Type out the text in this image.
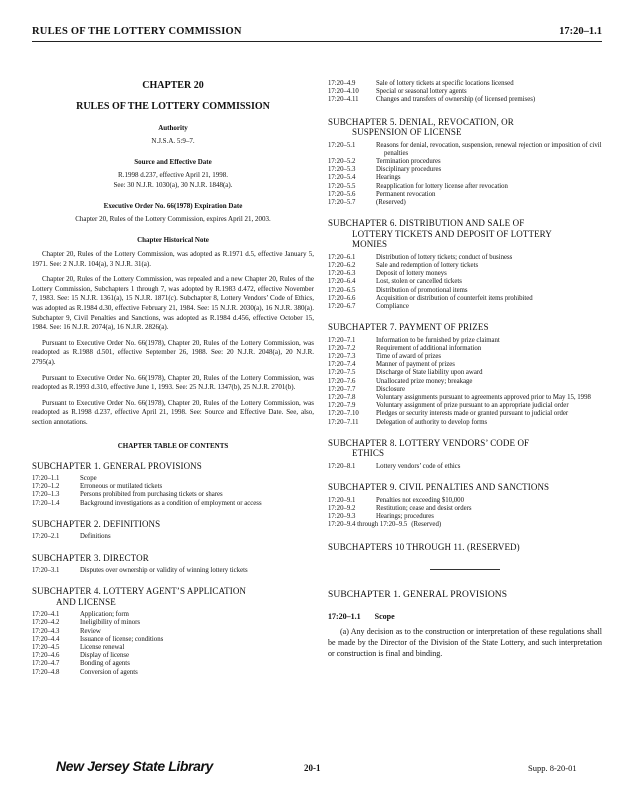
RULES OF THE LOTTERY COMMISSION	17:20–1.1
CHAPTER 20
RULES OF THE LOTTERY COMMISSION
Authority
N.J.S.A. 5:9–7.
Source and Effective Date
R.1998 d.237, effective April 21, 1998.
See: 30 N.J.R. 1030(a), 30 N.J.R. 1848(a).
Executive Order No. 66(1978) Expiration Date
Chapter 20, Rules of the Lottery Commission, expires April 21, 2003.
Chapter Historical Note

Chapter 20, Rules of the Lottery Commission, was adopted as R.1971 d.5, effective January 5, 1971. See: 2 N.J.R. 104(a), 3 N.J.R. 31(a).

Chapter 20, Rules of the Lottery Commission, was repealed and a new Chapter 20, Rules of the Lottery Commission, Subchapters 1 through 7, was adopted by R.1983 d.472, effective November 7, 1983. See: 15 N.J.R. 1361(a), 15 N.J.R. 1871(c). Subchapter 8, Lottery Vendors’ Code of Ethics, was adopted as R.1984 d.30, effective February 21, 1984. See: 15 N.J.R. 2030(a), 16 N.J.R. 380(a). Subchapter 9, Civil Penalties and Sanctions, was adopted as R.1984 d.456, effective October 15, 1984. See: 16 N.J.R. 2074(a), 16 N.J.R. 2826(a).

Pursuant to Executive Order No. 66(1978), Chapter 20, Rules of the Lottery Commission, was readopted as R.1988 d.501, effective September 26, 1988. See: 20 N.J.R. 2048(a), 20 N.J.R. 2795(a).

Pursuant to Executive Order No. 66(1978), Chapter 20, Rules of the Lottery Commission, was readopted as R.1993 d.310, effective June 1, 1993. See: 25 N.J.R. 1347(b), 25 N.J.R. 2701(b).

Pursuant to Executive Order No. 66(1978), Chapter 20, Rules of the Lottery Commission, was readopted as R.1998 d.237, effective April 21, 1998. See: Source and Effective Date. See, also, section annotations.

CHAPTER TABLE OF CONTENTS
SUBCHAPTER 1. GENERAL PROVISIONS
17:20–1.1	Scope
17:20–1.2	Erroneous or mutilated tickets
17:20–1.3	Persons prohibited from purchasing tickets or shares
17:20–1.4	Background investigations as a condition of employment or access
SUBCHAPTER 2. DEFINITIONS
17:20–2.1	Definitions
SUBCHAPTER 3. DIRECTOR
17:20–3.1	Disputes over ownership or validity of winning lottery tickets
SUBCHAPTER 4. LOTTERY AGENT’S APPLICATION
AND LICENSE
17:20–4.1	Application; form
17:20–4.2	Ineligibility of minors
17:20–4.3	Review
17:20–4.4	Issuance of license; conditions
17:20–4.5	License renewal
17:20–4.6	Display of license
17:20–4.7	Bonding of agents
17:20–4.8	Conversion of agents
17:20–4.9	Sale of lottery tickets at specific locations licensed
17:20–4.10	Special or seasonal lottery agents
17:20–4.11	Changes and transfers of ownership (of licensed premises)
SUBCHAPTER 5. DENIAL, REVOCATION, OR
SUSPENSION OF LICENSE
17:20–5.1	Reasons for denial, revocation, suspension, renewal rejection or imposition of civil penalties
17:20–5.2	Termination procedures
17:20–5.3	Disciplinary procedures
17:20–5.4	Hearings
17:20–5.5	Reapplication for lottery license after revocation
17:20–5.6	Permanent revocation
17:20–5.7	(Reserved)
SUBCHAPTER 6. DISTRIBUTION AND SALE OF
LOTTERY TICKETS AND DEPOSIT OF LOTTERY
MONIES
17:20–6.1	Distribution of lottery tickets; conduct of business
17:20–6.2	Sale and redemption of lottery tickets
17:20–6.3	Deposit of lottery moneys
17:20–6.4	Lost, stolen or cancelled tickets
17:20–6.5	Distribution of promotional items
17:20–6.6	Acquisition or distribution of counterfeit items prohibited
17:20–6.7	Compliance
SUBCHAPTER 7. PAYMENT OF PRIZES
17:20–7.1	Information to be furnished by prize claimant
17:20–7.2	Requirement of additional information
17:20–7.3	Time of award of prizes
17:20–7.4	Manner of payment of prizes
17:20–7.5	Discharge of State liability upon award
17:20–7.6	Unallocated prize money; breakage
17:20–7.7	Disclosure
17:20–7.8	Voluntary assignments pursuant to agreements approved prior to May 15, 1998
17:20–7.9	Voluntary assignment of prize pursuant to an appropriate judicial order
17:20–7.10	Pledges or security interests made or granted pursuant to judicial order
17:20–7.11	Delegation of authority to develop forms
SUBCHAPTER 8. LOTTERY VENDORS’ CODE OF
ETHICS
17:20–8.1	Lottery vendors’ code of ethics
SUBCHAPTER 9. CIVIL PENALTIES AND SANCTIONS
17:20–9.1	Penalties not exceeding $10,000
17:20–9.2	Restitution; cease and desist orders
17:20–9.3	Hearings; procedures
17:20–9.4 through 17:20–9.5 (Reserved)
SUBCHAPTERS 10 THROUGH 11. (RESERVED)
SUBCHAPTER 1. GENERAL PROVISIONS
17:20–1.1 Scope

(a) Any decision as to the construction or interpretation of these regulations shall be made by the Director of the Division of the State Lottery, and such interpretation or construction is final and binding.

New Jersey State Library	20-1	Supp. 8-20-01
